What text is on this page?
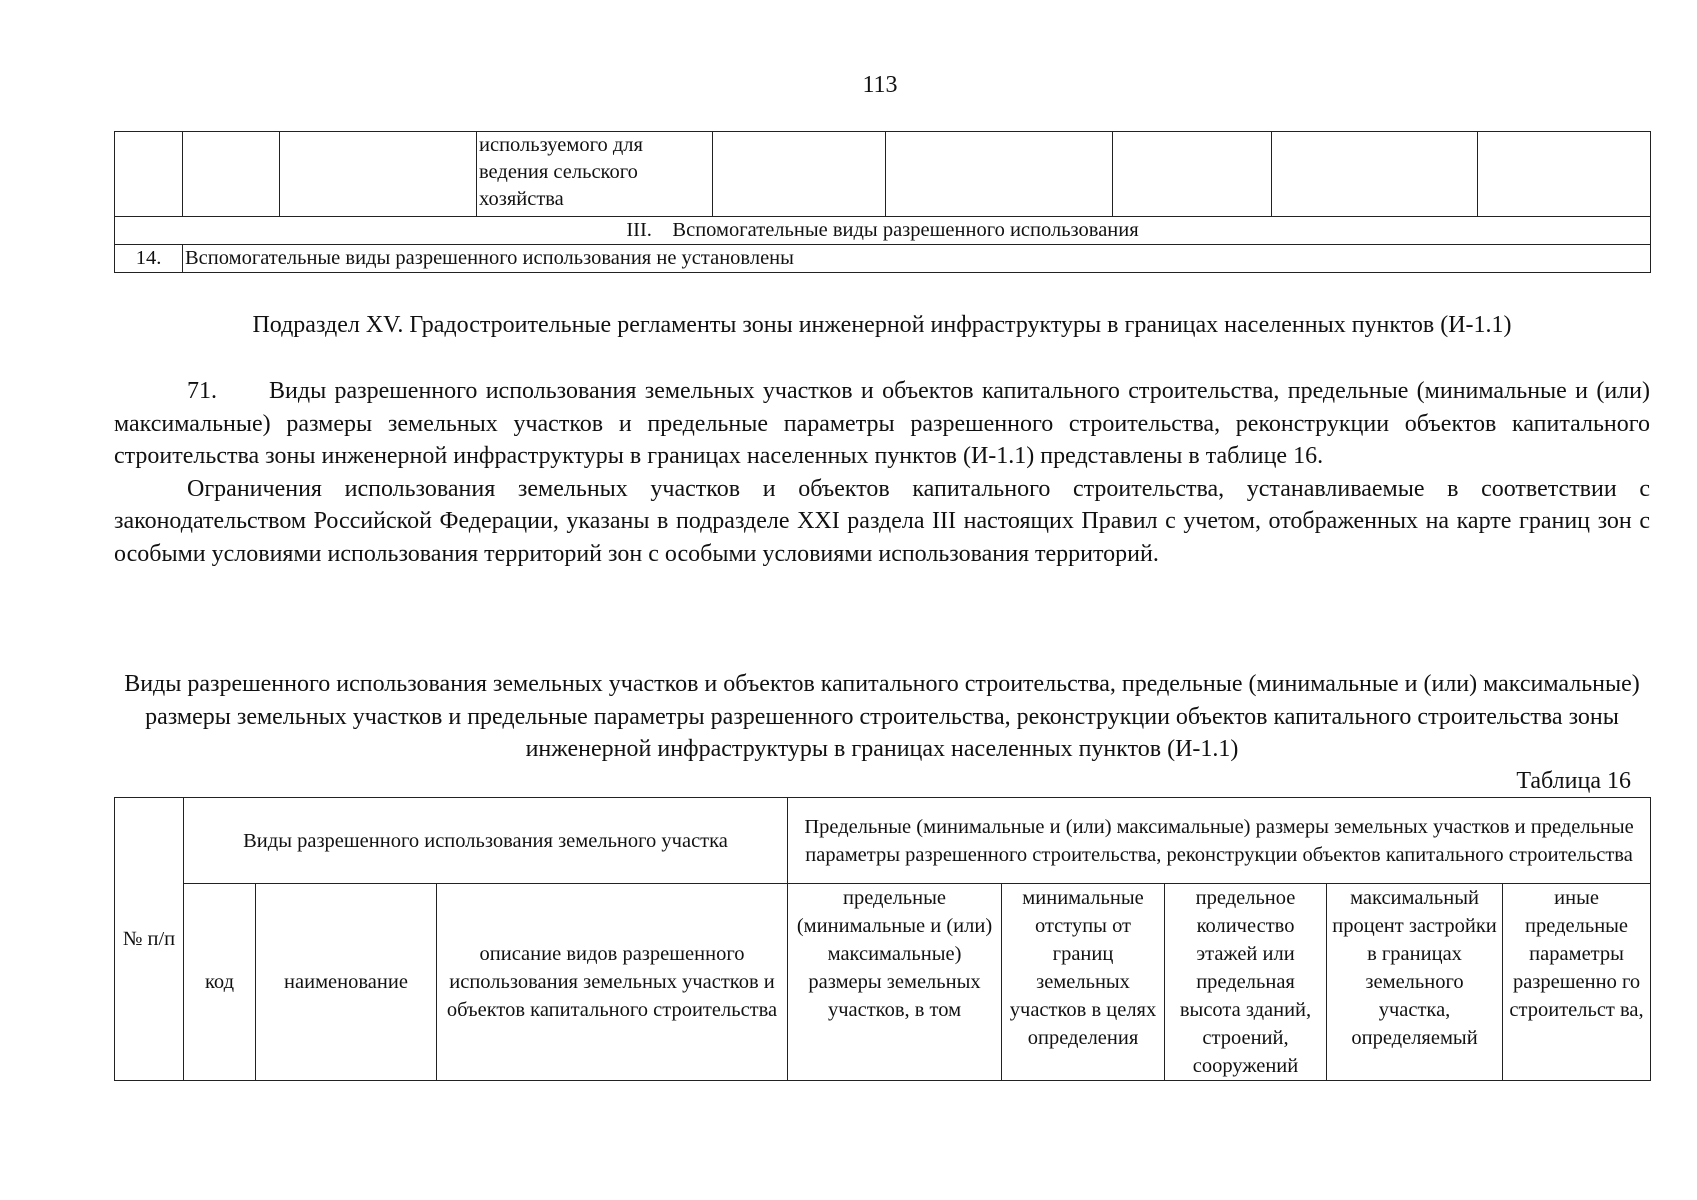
113
			используемого для ведения сельского хозяйства					
III.    Вспомогательные виды разрешенного использования								
14.	Вспомогательные виды разрешенного использования не установлены							
Подраздел XV. Градостроительные регламенты зоны инженерной инфраструктуры в границах населенных пунктов (И-1.1)

71. Виды разрешенного использования земельных участков и объектов капитального строительства, предельные (минимальные и (или) максимальные) размеры земельных участков и предельные параметры разрешенного строительства, реконструкции объектов капитального строительства зоны инженерной инфраструктуры в границах населенных пунктов (И-1.1) представлены в таблице 16.

Ограничения использования земельных участков и объектов капитального строительства, устанавливаемые в соответствии с законодательством Российской Федерации, указаны в подразделе XXI раздела III настоящих Правил с учетом, отображенных на карте границ зон с особыми условиями использования территорий зон с особыми условиями использования территорий.

Виды разрешенного использования земельных участков и объектов капитального строительства, предельные (минимальные и (или) максимальные) размеры земельных участков и предельные параметры разрешенного строительства, реконструкции объектов капитального строительства зоны инженерной инфраструктуры в границах населенных пунктов (И-1.1)
Таблица 16
№ п/п	Виды разрешенного использования земельного участка			Предельные (минимальные и (или) максимальные) размеры земельных участков и предельные параметры разрешенного строительства, реконструкции объектов капитального строительства				
	код	наименование	описание видов разрешенного использования земельных участков и объектов капитального строительства	предельные (минимальные и (или) максимальные) размеры земельных участков, в том	минимальные отступы от границ земельных участков в целях определения	предельное количество этажей или предельная высота зданий, строений, сооружений	максимальный процент застройки в границах земельного участка, определяемый	иные предельные параметры разрешенно го строительст ва,
